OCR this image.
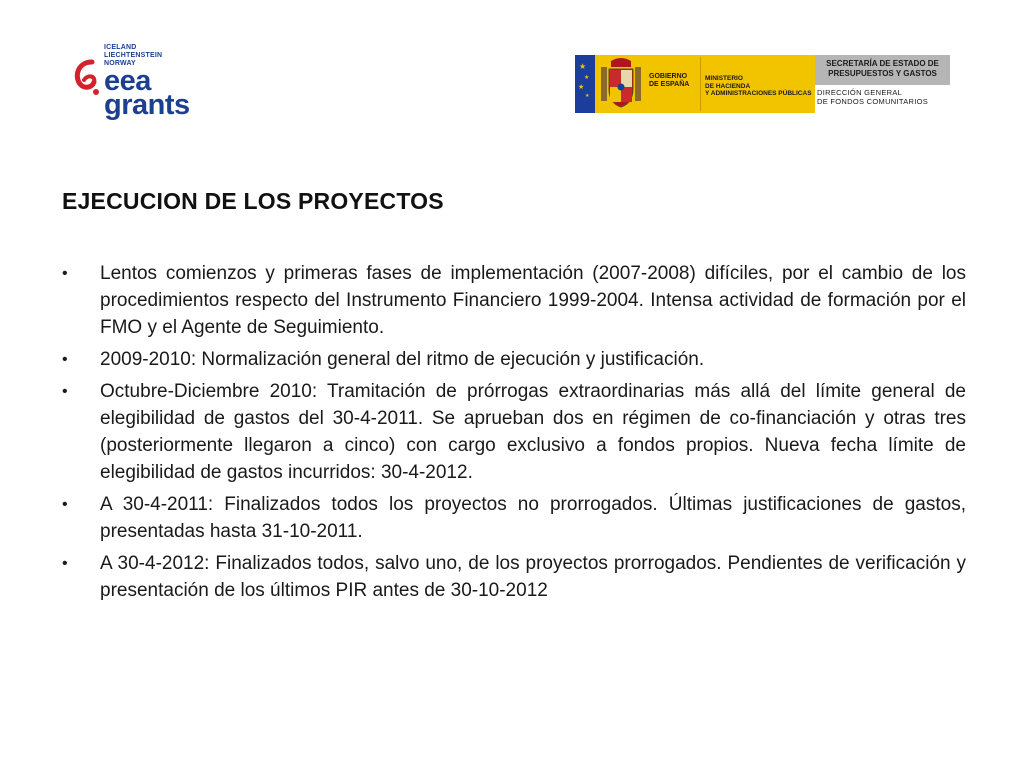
ICELAND
LIECHTENSTEIN
NORWAY
eea
grants
★
★
★
★
GOBIERNO
DE ESPAÑA
MINISTERIO
DE HACIENDA
Y ADMINISTRACIONES PÚBLICAS
SECRETARÍA DE ESTADO DE
PRESUPUESTOS Y GASTOS
DIRECCIÓN GENERAL
DE FONDOS COMUNITARIOS
EJECUCION DE LOS PROYECTOS
•	Lentos comienzos y primeras fases de implementación (2007-2008) difíciles, por el cambio de los procedimientos respecto del Instrumento Financiero 1999-2004. Intensa actividad de formación por el FMO y el Agente de Seguimiento.
•	2009-2010: Normalización general del ritmo de ejecución y justificación.
•	Octubre-Diciembre 2010: Tramitación de prórrogas extraordinarias más allá del límite general de elegibilidad de gastos del 30-4-2011. Se aprueban dos en régimen de co-financiación y otras tres (posteriormente llegaron a cinco) con cargo exclusivo a fondos propios. Nueva fecha límite de elegibilidad de gastos incurridos: 30-4-2012.
•	A 30-4-2011: Finalizados todos los proyectos no prorrogados. Últimas justificaciones de gastos, presentadas hasta 31-10-2011.
•	A 30-4-2012: Finalizados todos, salvo uno, de los proyectos prorrogados. Pendientes de verificación y presentación de los últimos PIR antes de 30-10-2012
